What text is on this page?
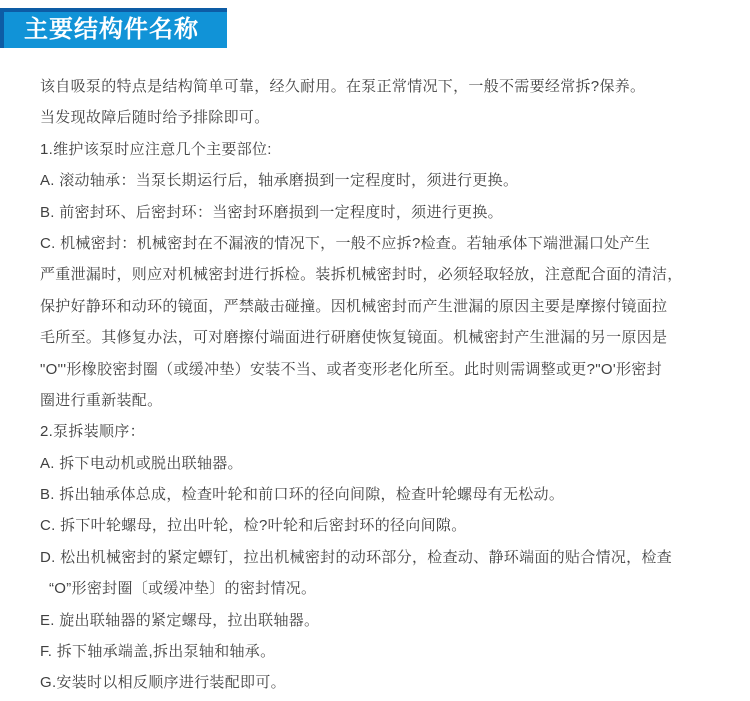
主要结构件名称
该自吸泵的特点是结构简单可靠，经久耐用。在泵正常情况下，一般不需要经常拆?保养。
当发现故障后随时给予排除即可。
1.维护该泵时应注意几个主要部位:
A. 滚动轴承：当泵长期运行后，轴承磨损到一定程度时，须进行更换。
B. 前密封环、后密封环：当密封环磨损到一定程度时，须进行更换。
C. 机械密封：机械密封在不漏液的情况下，一般不应拆?检查。若轴承体下端泄漏口处产生
严重泄漏时，则应对机械密封进行拆检。装拆机械密封时，必须轻取轻放，注意配合面的清洁，
保护好静环和动环的镜面，严禁敲击碰撞。因机械密封而产生泄漏的原因主要是摩擦付镜面拉
毛所至。其修复办法，可对磨擦付端面进行研磨使恢复镜面。机械密封产生泄漏的另一原因是
"O"'形橡胶密封圈（或缓冲垫）安装不当、或者变形老化所至。此时则需调整或更?"O'形密封
圈进行重新装配。
2.泵拆装顺序：
A. 拆下电动机或脱出联轴器。
B. 拆出轴承体总成，检查叶轮和前口环的径向间隙，检查叶轮螺母有无松动。
C. 拆下叶轮螺母，拉出叶轮，检?叶轮和后密封环的径向间隙。
D. 松出机械密封的紧定螵钉，拉出机械密封的动环部分，检查动、静环端面的贴合情况，检查
“O”形密封圈〔或缓冲垫〕的密封情况。
E. 旋出联轴器的紧定螺母，拉出联轴器。
F. 拆下轴承端盖,拆出泵轴和轴承。
G.安装时以相反顺序进行装配即可。
